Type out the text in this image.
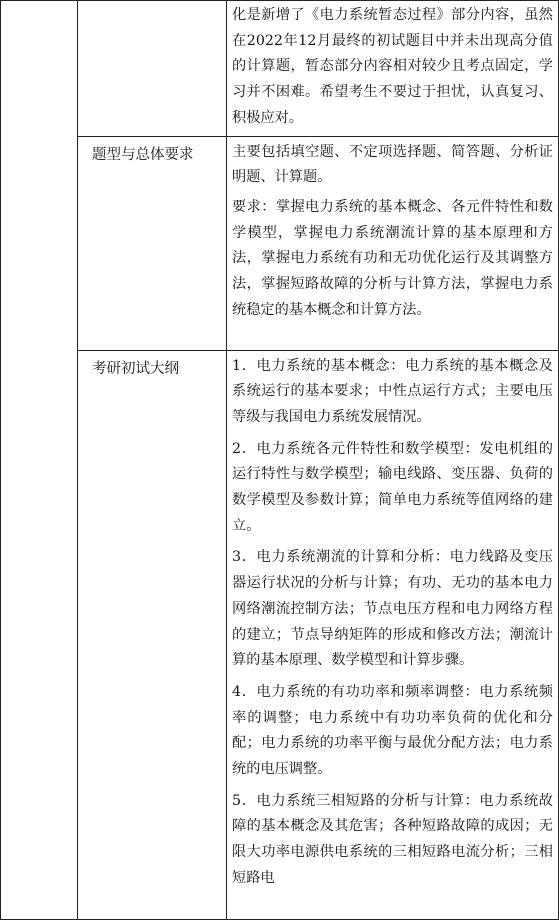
		化是新增了《电力系统暂态过程》部分内容，虽然在2022年12月最终的初试题目中并未出现高分值的计算题，暂态部分内容相对较少且考点固定，学习并不困难。希望考生不要过于担忧，认真复习、积极应对。

	题型与总体要求	主要包括填空题、不定项选择题、简答题、分析证明题、计算题。

要求：掌握电力系统的基本概念、各元件特性和数学模型，掌握电力系统潮流计算的基本原理和方法，掌握电力系统有功和无功优化运行及其调整方法，掌握短路故障的分析与计算方法，掌握电力系统稳定的基本概念和计算方法。

	考研初试大纲	1．电力系统的基本概念：电力系统的基本概念及系统运行的基本要求；中性点运行方式；主要电压等级与我国电力系统发展情况。

2．电力系统各元件特性和数学模型：发电机组的运行特性与数学模型；输电线路、变压器、负荷的数学模型及参数计算；简单电力系统等值网络的建立。

3．电力系统潮流的计算和分析：电力线路及变压器运行状况的分析与计算；有功、无功的基本电力网络潮流控制方法；节点电压方程和电力网络方程的建立；节点导纳矩阵的形成和修改方法；潮流计算的基本原理、数学模型和计算步骤。

4．电力系统的有功功率和频率调整：电力系统频率的调整；电力系统中有功功率负荷的优化和分配；电力系统的功率平衡与最优分配方法；电力系统的电压调整。

5．电力系统三相短路的分析与计算：电力系统故障的基本概念及其危害；各种短路故障的成因；无限大功率电源供电系统的三相短路电流分析；三相短路电
